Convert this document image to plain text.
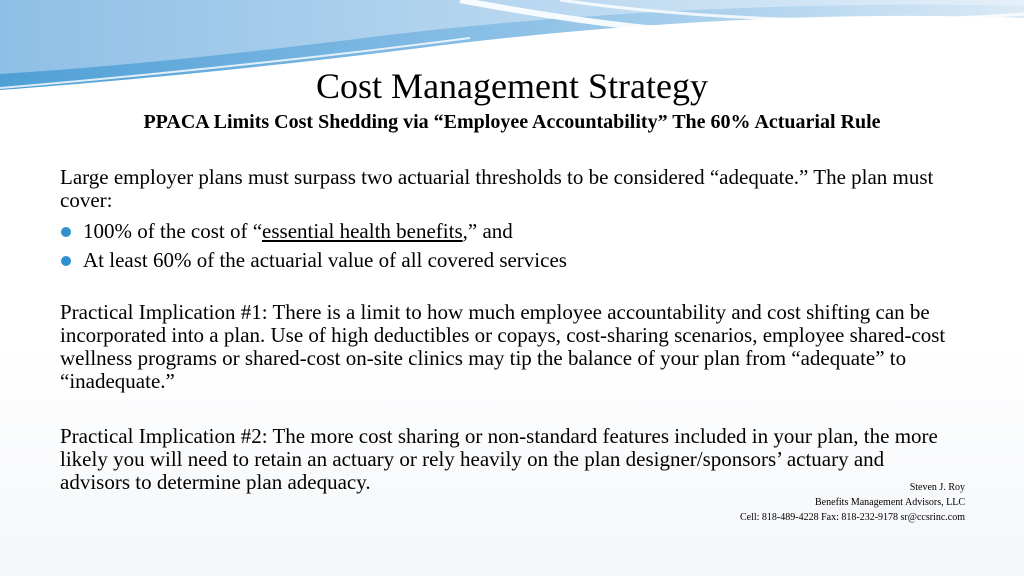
Cost Management Strategy
PPACA Limits Cost Shedding via “Employee Accountability” The 60% Actuarial Rule

Large employer plans must surpass two actuarial thresholds to be considered “adequate.” The plan must cover:

100% of the cost of “essential health benefits,” and
At least 60% of the actuarial value of all covered services

Practical Implication #1: There is a limit to how much employee accountability and cost shifting can be incorporated into a plan. Use of high deductibles or copays, cost-sharing scenarios, employee shared-cost wellness programs or shared-cost on-site clinics may tip the balance of your plan from “adequate” to “inadequate.”

Practical Implication #2: The more cost sharing or non-standard features included in your plan, the more likely you will need to retain an actuary or rely heavily on the plan designer/sponsors’ actuary and advisors to determine plan adequacy.	Steven J. Roy
Benefits Management Advisors, LLC
Cell: 818-489-4228 Fax: 818-232-9178 sr@ccsrinc.com
